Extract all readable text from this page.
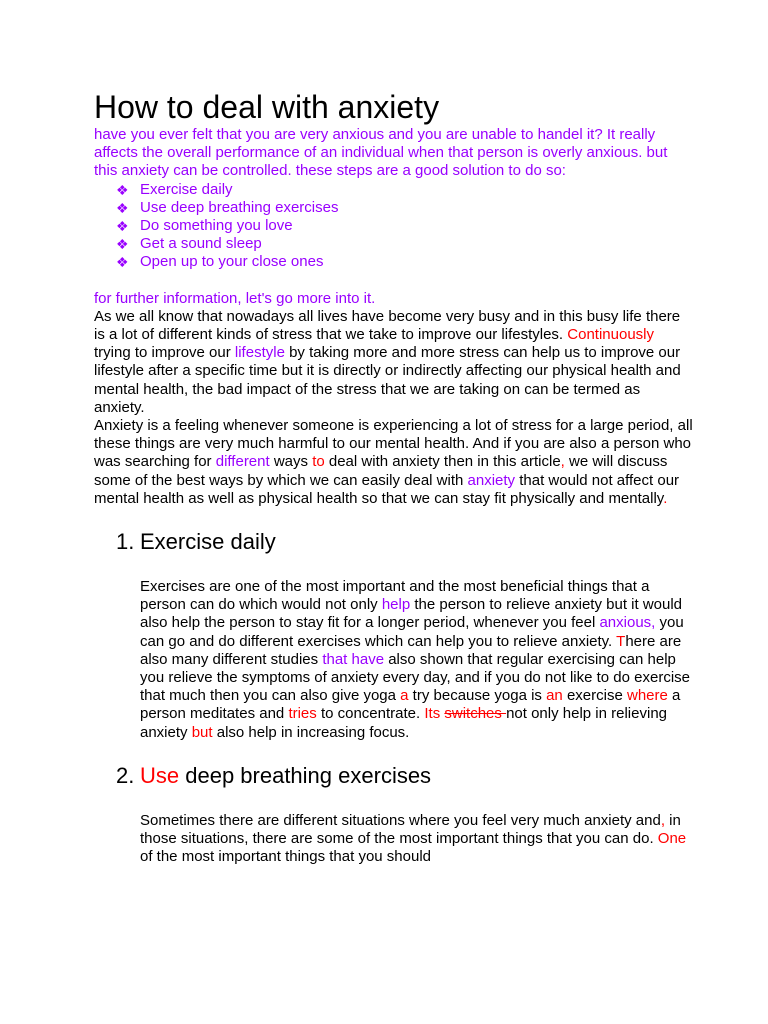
How to deal with anxiety

have you ever felt that you are very anxious and you are unable to handel it? It really affects the overall performance of an individual when that person is overly anxious. but this anxiety can be controlled. these steps are a good solution to do so:

❖ Exercise daily
❖ Use deep breathing exercises
❖ Do something you love
❖ Get a sound sleep
❖ Open up to your close ones

for further information, let's go more into it.

As we all know that nowadays all lives have become very busy and in this busy life there is a lot of different kinds of stress that we take to improve our lifestyles. Continuously trying to improve our lifestyle by taking more and more stress can help us to improve our lifestyle after a specific time but it is directly or indirectly affecting our physical health and mental health, the bad impact of the stress that we are taking on can be termed as anxiety.

Anxiety is a feeling whenever someone is experiencing a lot of stress for a large period, all these things are very much harmful to our mental health. And if you are also a person who was searching for different ways to deal with anxiety then in this article, we will discuss some of the best ways by which we can easily deal with anxiety that would not affect our mental health as well as physical health so that we can stay fit physically and mentally.

1. Exercise daily

Exercises are one of the most important and the most beneficial things that a person can do which would not only help the person to relieve anxiety but it would also help the person to stay fit for a longer period, whenever you feel anxious, you can go and do different exercises which can help you to relieve anxiety. There are also many different studies that have also shown that regular exercising can help you relieve the symptoms of anxiety every day, and if you do not like to do exercise that much then you can also give yoga a try because yoga is an exercise where a person meditates and tries to concentrate. Its switches not only help in relieving anxiety but also help in increasing focus.

2. Use deep breathing exercises

Sometimes there are different situations where you feel very much anxiety and, in those situations, there are some of the most important things that you can do. One of the most important things that you should
